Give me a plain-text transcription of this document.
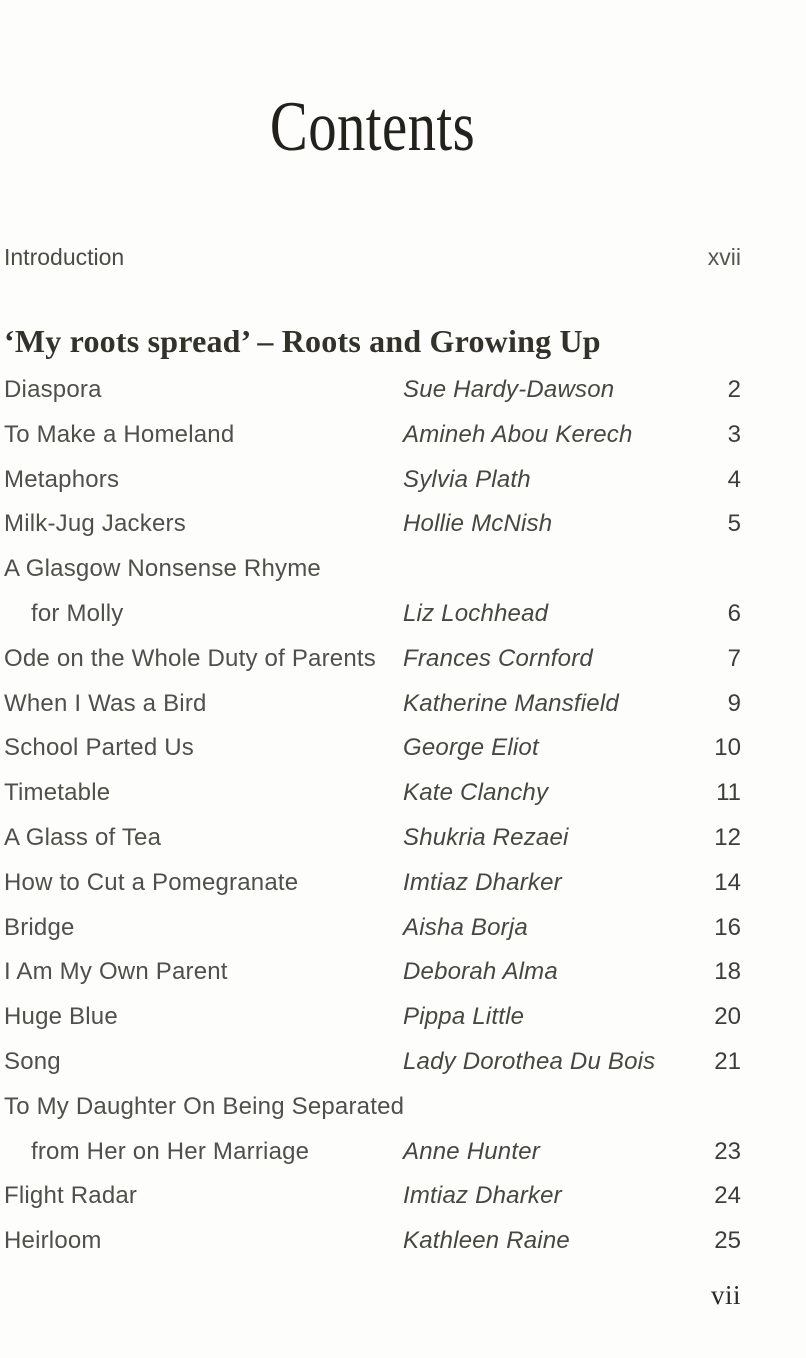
Contents
Introduction	xvii
‘My roots spread’ – Roots and Growing Up
Diaspora	Sue Hardy-Dawson	2
To Make a Homeland	Amineh Abou Kerech	3
Metaphors	Sylvia Plath	4
Milk-Jug Jackers	Hollie McNish	5
A Glasgow Nonsense Rhyme
for Molly	Liz Lochhead	6
Ode on the Whole Duty of Parents	Frances Cornford	7
When I Was a Bird	Katherine Mansfield	9
School Parted Us	George Eliot	10
Timetable	Kate Clanchy	11
A Glass of Tea	Shukria Rezaei	12
How to Cut a Pomegranate	Imtiaz Dharker	14
Bridge	Aisha Borja	16
I Am My Own Parent	Deborah Alma	18
Huge Blue	Pippa Little	20
Song	Lady Dorothea Du Bois	21
To My Daughter On Being Separated
from Her on Her Marriage	Anne Hunter	23
Flight Radar	Imtiaz Dharker	24
Heirloom	Kathleen Raine	25
vii
